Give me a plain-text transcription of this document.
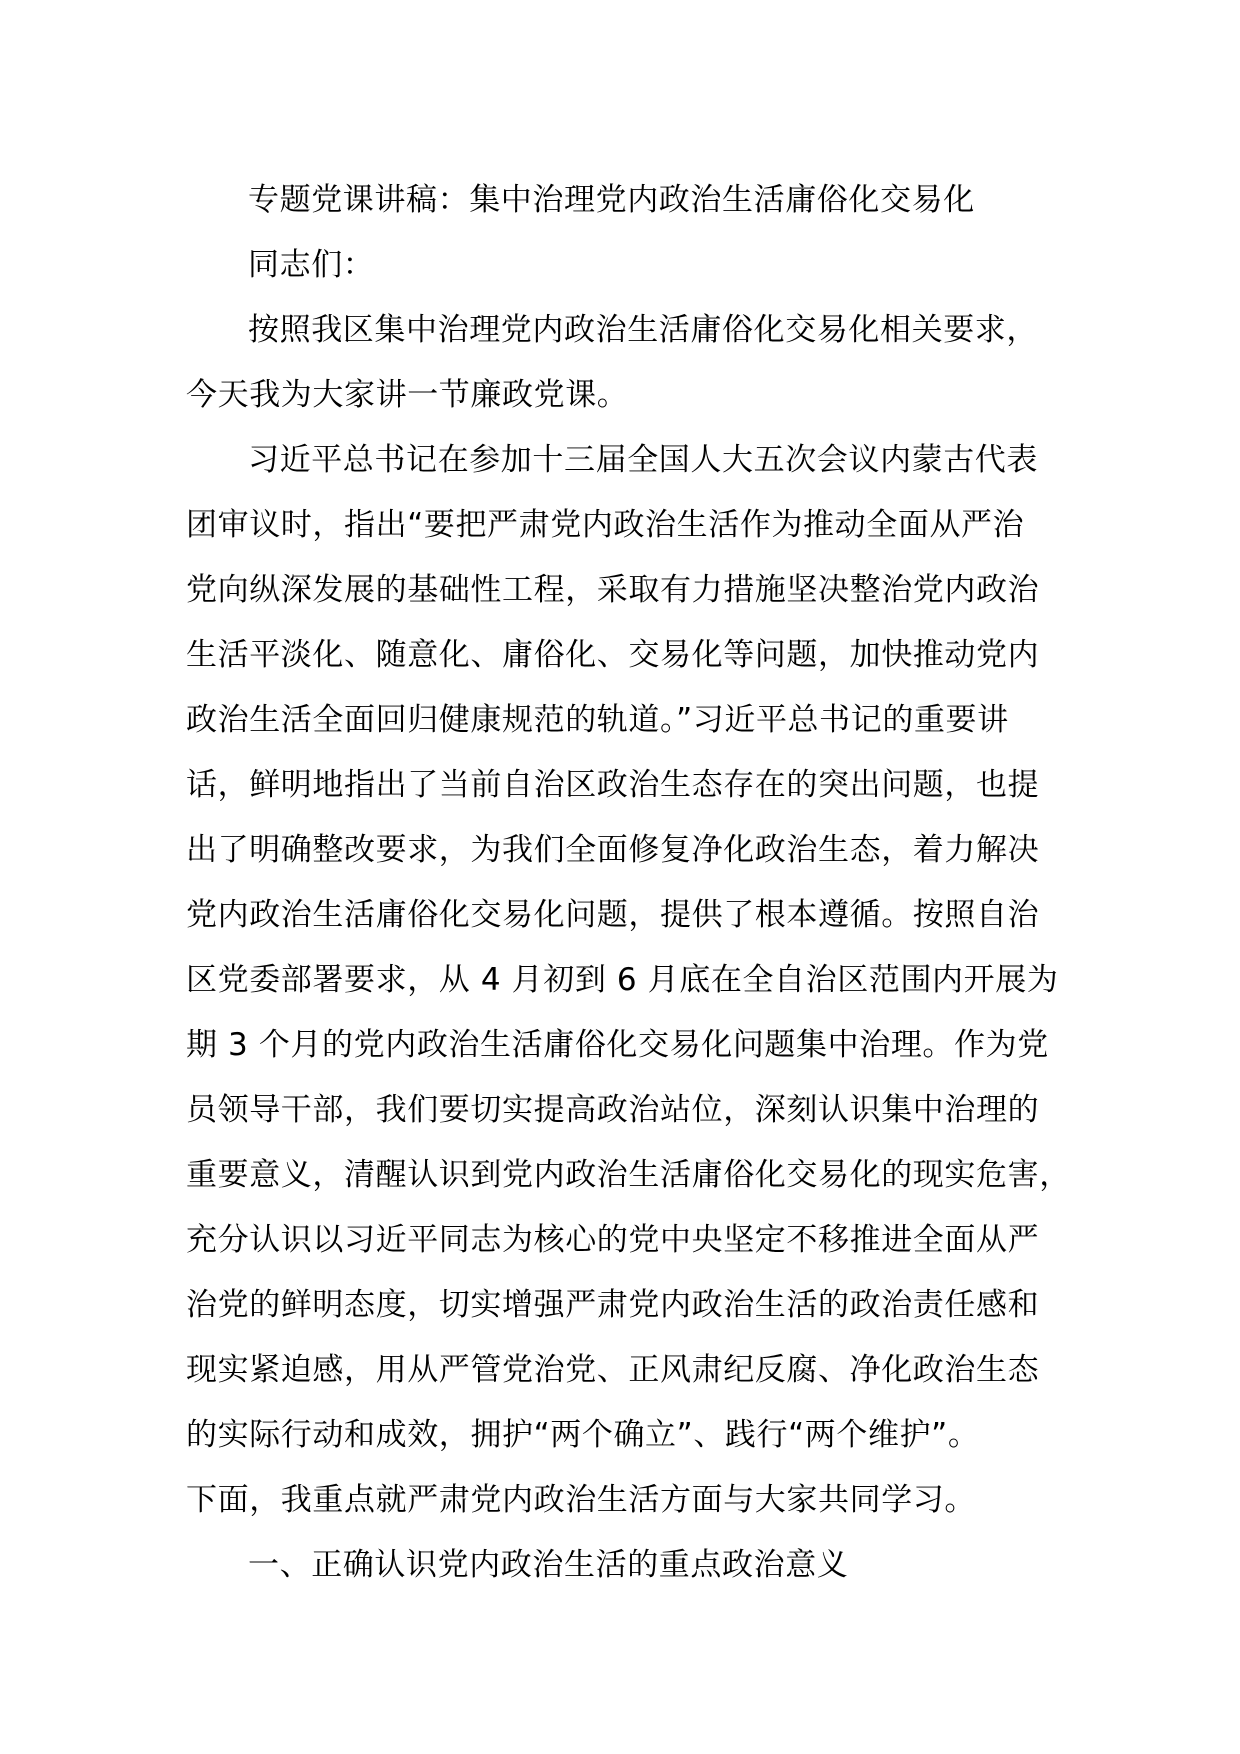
专题党课讲稿：集中治理党内政治生活庸俗化交易化
同志们：
按照我区集中治理党内政治生活庸俗化交易化相关要求，
今天我为大家讲一节廉政党课。
习近平总书记在参加十三届全国人大五次会议内蒙古代表
团审议时，指出“要把严肃党内政治生活作为推动全面从严治
党向纵深发展的基础性工程，采取有力措施坚决整治党内政治
生活平淡化、随意化、庸俗化、交易化等问题，加快推动党内
政治生活全面回归健康规范的轨道。”习近平总书记的重要讲
话，鲜明地指出了当前自治区政治生态存在的突出问题，也提
出了明确整改要求，为我们全面修复净化政治生态，着力解决
党内政治生活庸俗化交易化问题，提供了根本遵循。按照自治
区党委部署要求，从 4 月初到 6 月底在全自治区范围内开展为
期 3 个月的党内政治生活庸俗化交易化问题集中治理。作为党
员领导干部，我们要切实提高政治站位，深刻认识集中治理的
重要意义，清醒认识到党内政治生活庸俗化交易化的现实危害，
充分认识以习近平同志为核心的党中央坚定不移推进全面从严
治党的鲜明态度，切实增强严肃党内政治生活的政治责任感和
现实紧迫感，用从严管党治党、正风肃纪反腐、净化政治生态
的实际行动和成效，拥护“两个确立”、践行“两个维护”。
下面，我重点就严肃党内政治生活方面与大家共同学习。
一、正确认识党内政治生活的重点政治意义
